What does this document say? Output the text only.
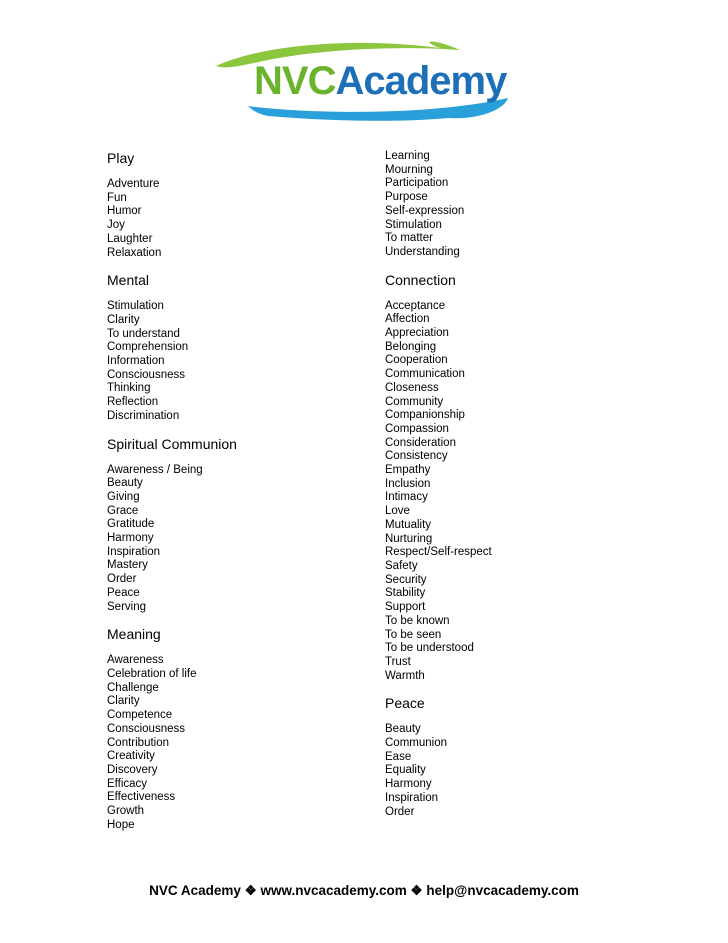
NVCAcademy
Play
Adventure
Fun
Humor
Joy
Laughter
Relaxation
Mental
Stimulation
Clarity
To understand
Comprehension
Information
Consciousness
Thinking
Reflection
Discrimination
Spiritual Communion
Awareness / Being
Beauty
Giving
Grace
Gratitude
Harmony
Inspiration
Mastery
Order
Peace
Serving
Meaning
Awareness
Celebration of life
Challenge
Clarity
Competence
Consciousness
Contribution
Creativity
Discovery
Efficacy
Effectiveness
Growth
Hope
Learning
Mourning
Participation
Purpose
Self-expression
Stimulation
To matter
Understanding
Connection
Acceptance
Affection
Appreciation
Belonging
Cooperation
Communication
Closeness
Community
Companionship
Compassion
Consideration
Consistency
Empathy
Inclusion
Intimacy
Love
Mutuality
Nurturing
Respect/Self-respect
Safety
Security
Stability
Support
To be known
To be seen
To be understood
Trust
Warmth
Peace
Beauty
Communion
Ease
Equality
Harmony
Inspiration
Order
NVC Academy ❖ www.nvcacademy.com ❖ help@nvcacademy.com
